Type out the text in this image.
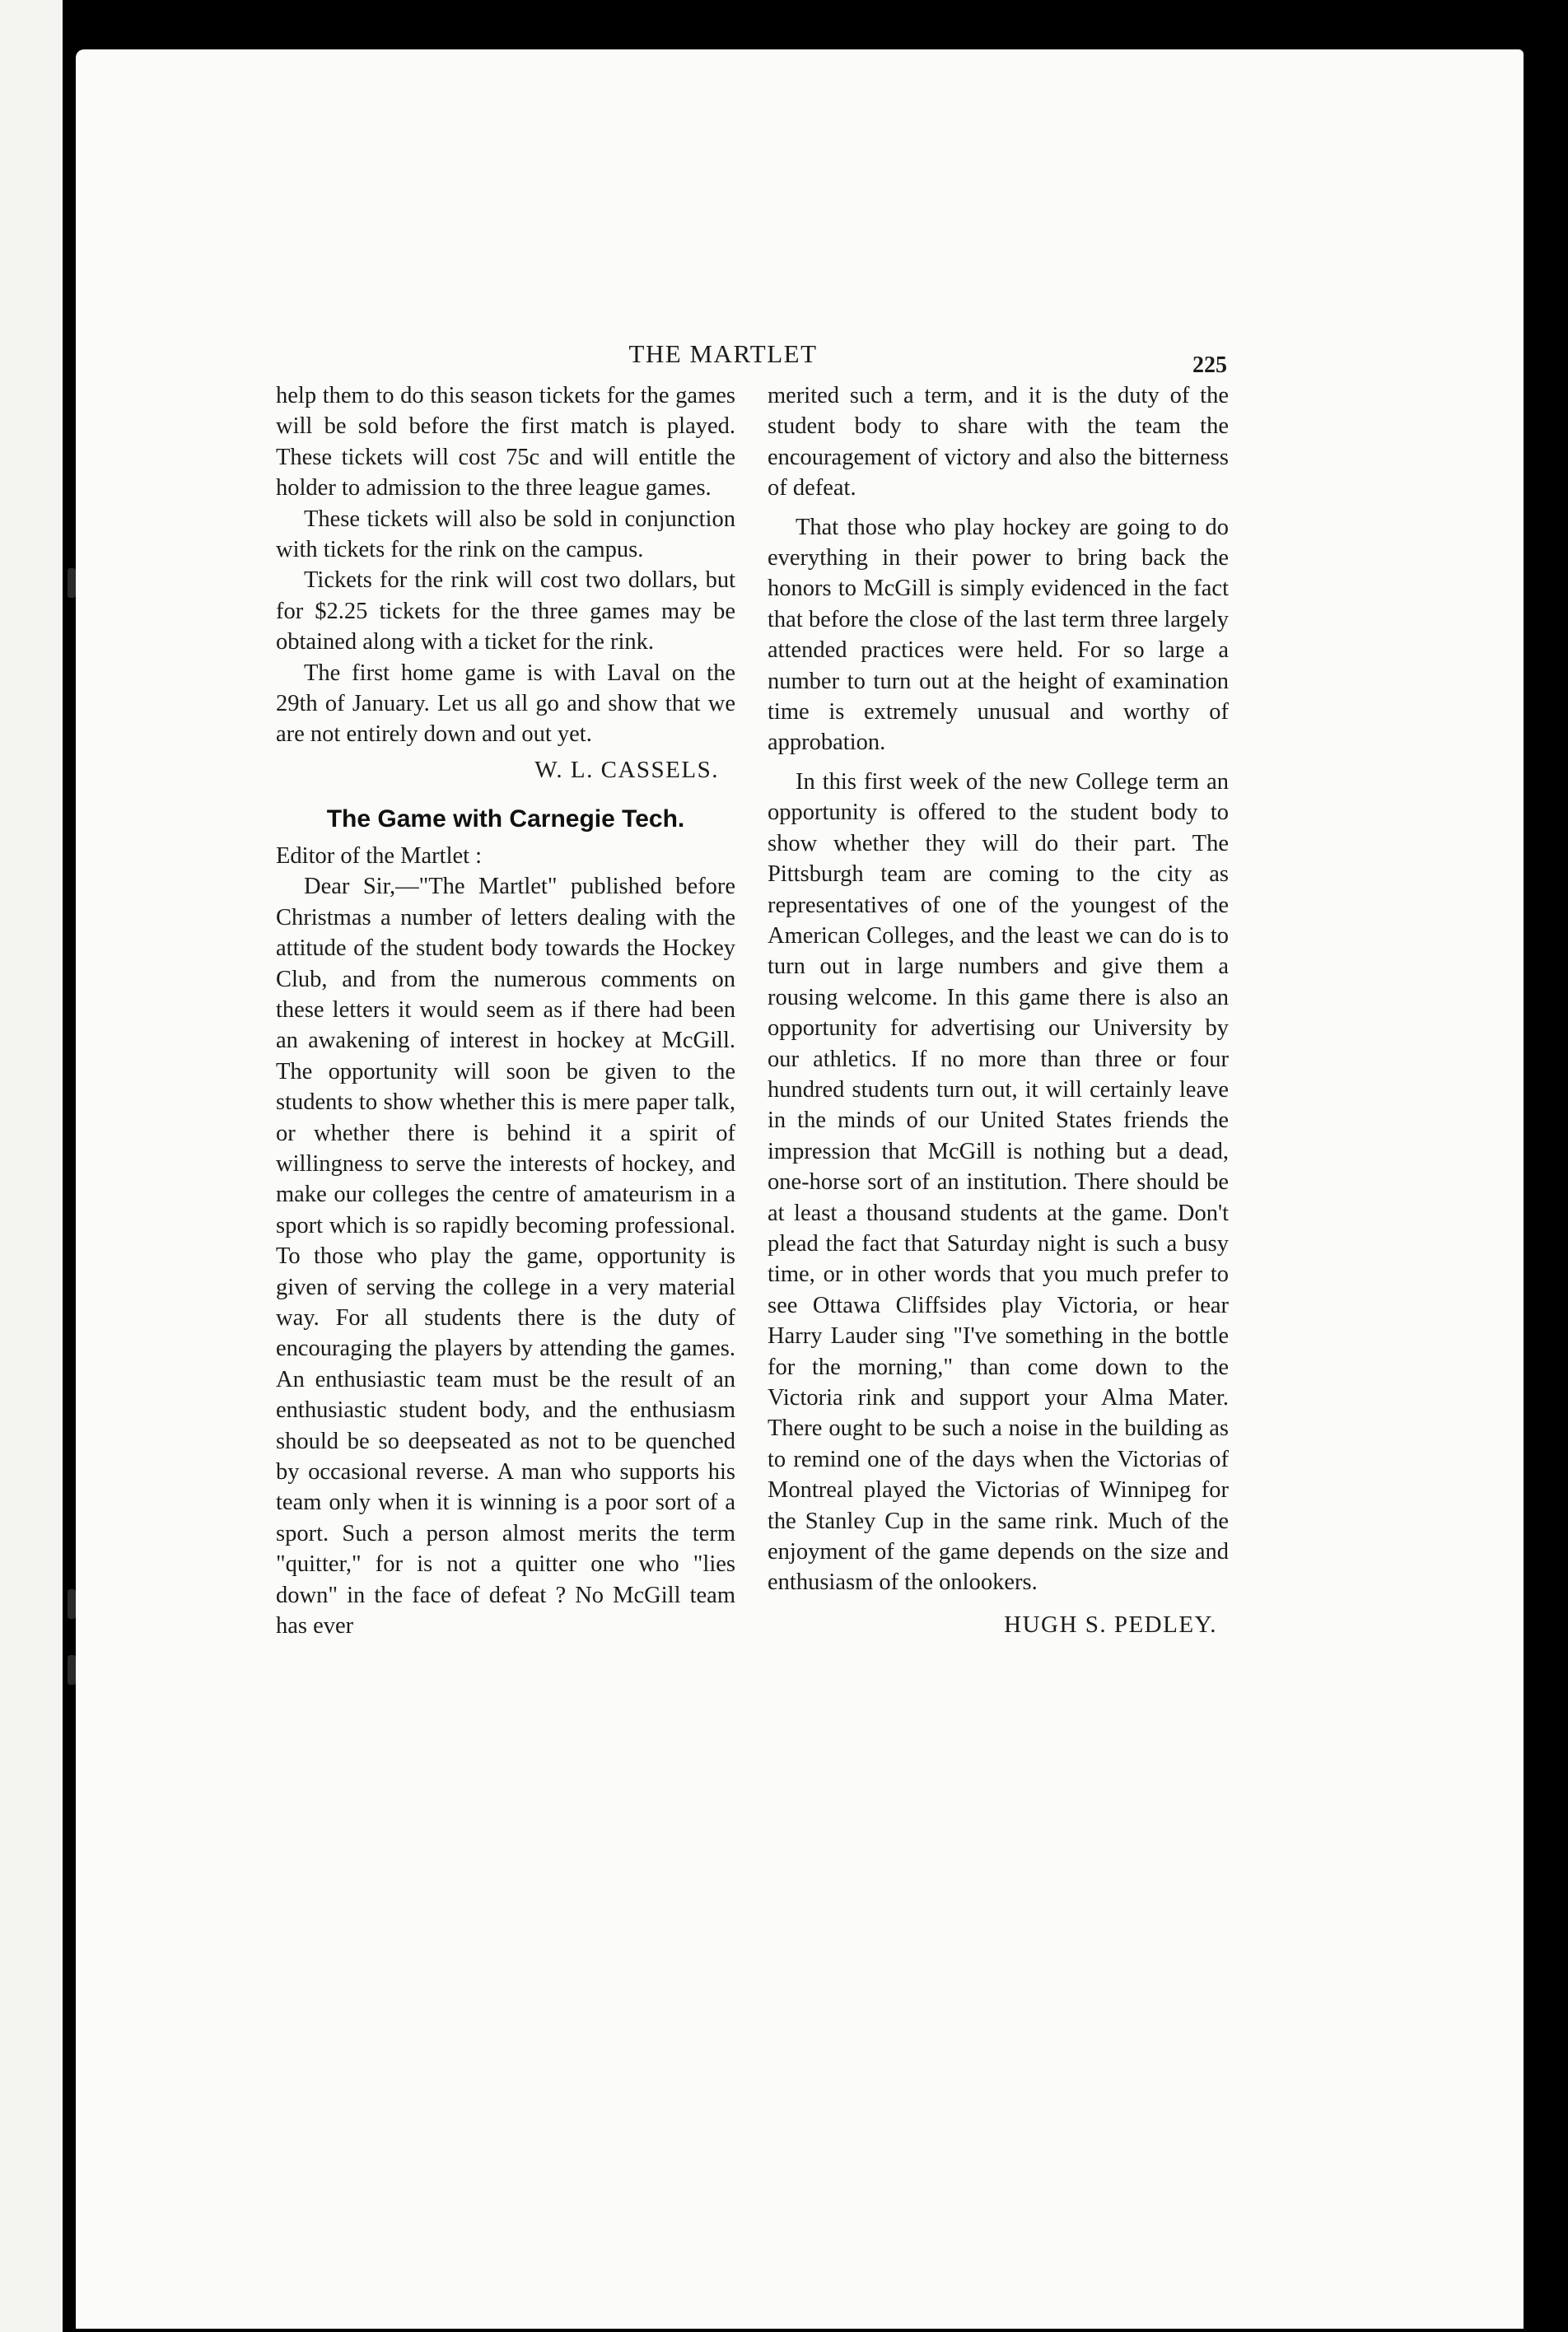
THE MARTLET	225

help them to do this season tickets for the games will be sold before the first match is played. These tickets will cost 75c and will entitle the holder to admission to the three league games.

These tickets will also be sold in conjunction with tickets for the rink on the campus.

Tickets for the rink will cost two dollars, but for $2.25 tickets for the three games may be obtained along with a ticket for the rink.

The first home game is with Laval on the 29th of January. Let us all go and show that we are not entirely down and out yet.

W. L. CASSELS.
The Game with Carnegie Tech.

Editor of the Martlet :

Dear Sir,—"The Martlet" published before Christmas a number of letters dealing with the attitude of the student body towards the Hockey Club, and from the numerous comments on these letters it would seem as if there had been an awakening of interest in hockey at McGill. The opportunity will soon be given to the students to show whether this is mere paper talk, or whether there is behind it a spirit of willingness to serve the interests of hockey, and make our colleges the centre of amateurism in a sport which is so rapidly becoming professional. To those who play the game, opportunity is given of serving the college in a very material way. For all students there is the duty of encouraging the players by attending the games. An enthusiastic team must be the result of an enthusiastic student body, and the enthusiasm should be so deepseated as not to be quenched by occasional reverse. A man who supports his team only when it is winning is a poor sort of a sport. Such a person almost merits the term "quitter," for is not a quitter one who "lies down" in the face of defeat ? No McGill team has ever

merited such a term, and it is the duty of the student body to share with the team the encouragement of victory and also the bitterness of defeat.

That those who play hockey are going to do everything in their power to bring back the honors to McGill is simply evidenced in the fact that before the close of the last term three largely attended practices were held. For so large a number to turn out at the height of examination time is extremely unusual and worthy of approbation.

In this first week of the new College term an opportunity is offered to the student body to show whether they will do their part. The Pittsburgh team are coming to the city as representatives of one of the youngest of the American Colleges, and the least we can do is to turn out in large numbers and give them a rousing welcome. In this game there is also an opportunity for advertising our University by our athletics. If no more than three or four hundred students turn out, it will certainly leave in the minds of our United States friends the impression that McGill is nothing but a dead, one-horse sort of an institution. There should be at least a thousand students at the game. Don't plead the fact that Saturday night is such a busy time, or in other words that you much prefer to see Ottawa Cliffsides play Victoria, or hear Harry Lauder sing "I've something in the bottle for the morning," than come down to the Victoria rink and support your Alma Mater. There ought to be such a noise in the building as to remind one of the days when the Victorias of Montreal played the Victorias of Winnipeg for the Stanley Cup in the same rink. Much of the enjoyment of the game depends on the size and enthusiasm of the onlookers.

HUGH S. PEDLEY.
